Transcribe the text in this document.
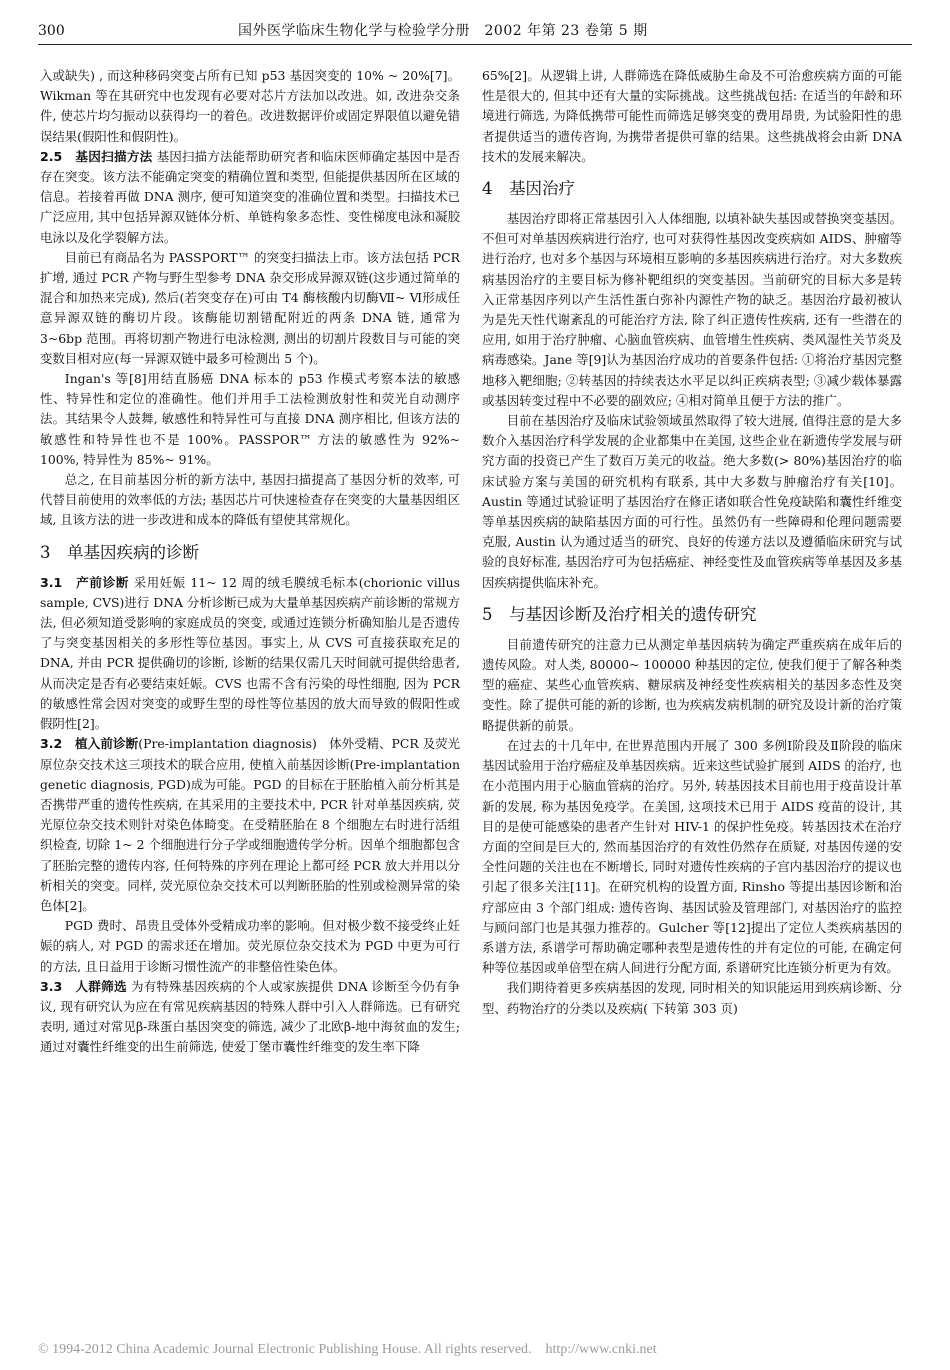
300	国外医学临床生物化学与检验学分册　2002 年第 23 卷第 5 期

入或缺失) , 而这种移码突变占所有已知 p53 基因突变的 10% ~ 20%[7]。Wikman 等在其研究中也发现有必要对芯片方法加以改进。如, 改进杂交条件, 使芯片均匀振动以获得均一的着色。改进数据评价或固定界限值以避免错误结果(假阳性和假阴性)。

2.5　基因扫描方法 基因扫描方法能帮助研究者和临床医师确定基因中是否存在突变。该方法不能确定突变的精确位置和类型, 但能提供基因所在区域的信息。若接着再做 DNA 测序, 便可知道突变的准确位置和类型。扫描技术已广泛应用, 其中包括异源双链体分析、单链构象多态性、变性梯度电泳和凝胶电泳以及化学裂解方法。

目前已有商品名为 PASSPORT™ 的突变扫描法上市。该方法包括 PCR 扩增, 通过 PCR 产物与野生型参考 DNA 杂交形成异源双链(这步通过简单的混合和加热来完成), 然后(若突变存在)可由 T4 酶核酸内切酶Ⅶ~ Ⅵ形成任意异源双链的酶切片段。该酶能切割错配附近的两条 DNA 链, 通常为 3~6bp 范围。再将切割产物进行电泳检测, 测出的切割片段数目与可能的突变数目相对应(每一异源双链中最多可检测出 5 个)。

Ingan's 等[8]用结直肠癌 DNA 标本的 p53 作模式考察本法的敏感性、特异性和定位的准确性。他们并用手工法检测放射性和荧光自动测序法。其结果令人鼓舞, 敏感性和特异性可与直接 DNA 测序相比, 但该方法的敏感性和特异性也不是 100%。PASSPOR™ 方法的敏感性为 92%~ 100%, 特异性为 85%~ 91%。

总之, 在目前基因分析的新方法中, 基因扫描提高了基因分析的效率, 可代替目前使用的效率低的方法; 基因芯片可快速检查存在突变的大量基因组区域, 且该方法的进一步改进和成本的降低有望使其常规化。

3　单基因疾病的诊断

3.1　产前诊断 采用妊娠 11~ 12 周的绒毛膜绒毛标本(chorionic villus sample, CVS)进行 DNA 分析诊断已成为大量单基因疾病产前诊断的常规方法, 但必须知道受影响的家庭成员的突变, 或通过连锁分析确知胎儿是否遗传了与突变基因相关的多形性等位基因。事实上, 从 CVS 可直接获取充足的 DNA, 并由 PCR 提供确切的诊断, 诊断的结果仅需几天时间就可提供给患者, 从而决定是否有必要结束妊娠。CVS 也需不含有污染的母性细胞, 因为 PCR 的敏感性常会因对突变的或野生型的母性等位基因的放大而导致的假阳性或假阴性[2]。

3.2　植入前诊断(Pre-implantation diagnosis)　体外受精、PCR 及荧光原位杂交技术这三项技术的联合应用, 使植入前基因诊断(Pre-implantation genetic diagnosis, PGD)成为可能。PGD 的目标在于胚胎植入前分析其是否携带严重的遗传性疾病, 在其采用的主要技术中, PCR 针对单基因疾病, 荧光原位杂交技术则针对染色体畸变。在受精胚胎在 8 个细胞左右时进行活组织检查, 切除 1~ 2 个细胞进行分子学或细胞遗传学分析。因单个细胞都包含了胚胎完整的遗传内容, 任何特殊的序列在理论上都可经 PCR 放大并用以分析相关的突变。同样, 荧光原位杂交技术可以判断胚胎的性别或检测异常的染色体[2]。

PGD 费时、昂贵且受体外受精成功率的影响。但对极少数不接受终止妊娠的病人, 对 PGD 的需求还在增加。荧光原位杂交技术为 PGD 中更为可行的方法, 且日益用于诊断习惯性流产的非整倍性染色体。

3.3　人群筛选 为有特殊基因疾病的个人或家族提供 DNA 诊断至今仍有争议, 现有研究认为应在有常见疾病基因的特殊人群中引入人群筛选。已有研究表明, 通过对常见β-珠蛋白基因突变的筛选, 减少了北欧β-地中海贫血的发生; 通过对囊性纤维变的出生前筛选, 使爱丁堡市囊性纤维变的发生率下降

65%[2]。从逻辑上讲, 人群筛选在降低威胁生命及不可治愈疾病方面的可能性是很大的, 但其中还有大量的实际挑战。这些挑战包括: 在适当的年龄和环境进行筛选, 为降低携带可能性而筛选足够突变的费用昂贵, 为试验阳性的患者提供适当的遗传咨询, 为携带者提供可靠的结果。这些挑战将会由新 DNA 技术的发展来解决。

4　基因治疗

基因治疗即将正常基因引入人体细胞, 以填补缺失基因或替换突变基因。不但可对单基因疾病进行治疗, 也可对获得性基因改变疾病如 AIDS、肿瘤等进行治疗, 也对多个基因与环境相互影响的多基因疾病进行治疗。对大多数疾病基因治疗的主要目标为修补靶组织的突变基因。当前研究的目标大多是转入正常基因序列以产生活性蛋白弥补内源性产物的缺乏。基因治疗最初被认为是先天性代谢紊乱的可能治疗方法, 除了纠正遗传性疾病, 还有一些潜在的应用, 如用于治疗肿瘤、心脑血管疾病、血管增生性疾病、类风湿性关节炎及病毒感染。Jane 等[9]认为基因治疗成功的首要条件包括: ①将治疗基因完整地移入靶细胞; ②转基因的持续表达水平足以纠正疾病表型; ③减少载体暴露或基因转变过程中不必要的副效应; ④相对简单且便于方法的推广。

目前在基因治疗及临床试验领域虽然取得了较大进展, 值得注意的是大多数介入基因治疗科学发展的企业都集中在美国, 这些企业在新遗传学发展与研究方面的投资已产生了数百万美元的收益。绝大多数(> 80%)基因治疗的临床试验方案与美国的研究机构有联系, 其中大多数与肿瘤治疗有关[10]。Austin 等通过试验证明了基因治疗在修正诸如联合性免疫缺陷和囊性纤维变等单基因疾病的缺陷基因方面的可行性。虽然仍有一些障碍和伦理问题需要克服, Austin 认为通过适当的研究、良好的传递方法以及遵循临床研究与试验的良好标准, 基因治疗可为包括癌症、神经变性及血管疾病等单基因及多基因疾病提供临床补充。

5　与基因诊断及治疗相关的遗传研究

目前遗传研究的注意力已从测定单基因病转为确定严重疾病在成年后的遗传风险。对人类, 80000~ 100000 种基因的定位, 使我们便于了解各种类型的癌症、某些心血管疾病、糖尿病及神经变性疾病相关的基因多态性及突变性。除了提供可能的新的诊断, 也为疾病发病机制的研究及设计新的治疗策略提供新的前景。

在过去的十几年中, 在世界范围内开展了 300 多例Ⅰ阶段及Ⅱ阶段的临床基因试验用于治疗癌症及单基因疾病。近来这些试验扩展到 AIDS 的治疗, 也在小范围内用于心脑血管病的治疗。另外, 转基因技术目前也用于疫苗设计革新的发展, 称为基因免疫学。在美国, 这项技术已用于 AIDS 疫苗的设计, 其目的是使可能感染的患者产生针对 HIV-1 的保护性免疫。转基因技术在治疗方面的空间是巨大的, 然而基因治疗的有效性仍然存在质疑, 对基因传递的安全性问题的关注也在不断增长, 同时对遗传性疾病的子宫内基因治疗的提议也引起了很多关注[11]。在研究机构的设置方面, Rinsho 等提出基因诊断和治疗部应由 3 个部门组成: 遗传咨询、基因试验及管理部门, 对基因治疗的监控与顾问部门也是其强力推荐的。Gulcher 等[12]提出了定位人类疾病基因的系谱方法, 系谱学可帮助确定哪种表型是遗传性的并有定位的可能, 在确定何种等位基因或单倍型在病人间进行分配方面, 系谱研究比连锁分析更为有效。

我们期待着更多疾病基因的发现, 同时相关的知识能运用到疾病诊断、分型、药物治疗的分类以及疾病( 下转第 303 页)

© 1994-2012 China Academic Journal Electronic Publishing House. All rights reserved.　http://www.cnki.net
